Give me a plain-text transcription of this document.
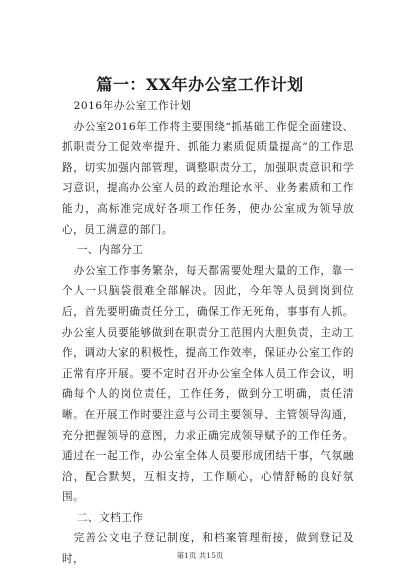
篇一：XX年办公室工作计划

2016年办公室工作计划

办公室2016年工作将主要围绕“抓基础工作促全面建设、抓职责分工促效率提升、抓能力素质促质量提高”的工作思路，切实加强内部管理，调整职责分工，加强职责意识和学习意识，提高办公室人员的政治理论水平、业务素质和工作能力，高标准完成好各项工作任务，使办公室成为领导放心，员工满意的部门。

一、内部分工

办公室工作事务繁杂，每天都需要处理大量的工作，靠一个人一只脑袋很难全部解决。因此，今年等人员到岗到位后，首先要明确责任分工，确保工作无死角，事事有人抓。办公室人员要能够做到在职责分工范围内大胆负责，主动工作，调动大家的积极性，提高工作效率，保证办公室工作的正常有序开展。要不定时召开办公室全体人员工作会议，明确每个人的岗位责任，工作任务，做到分工明确，责任清晰。在开展工作时要注意与公司主要领导、主管领导沟通，充分把握领导的意图，力求正确完成领导赋予的工作任务。通过在一起工作，办公室全体人员要形成团结干事，气氛融洽，配合默契，互相支持，工作顺心，心情舒畅的良好氛围。

二、文档工作

完善公文电子登记制度，和档案管理衔接，做到登记及时，	第1页 共15页
